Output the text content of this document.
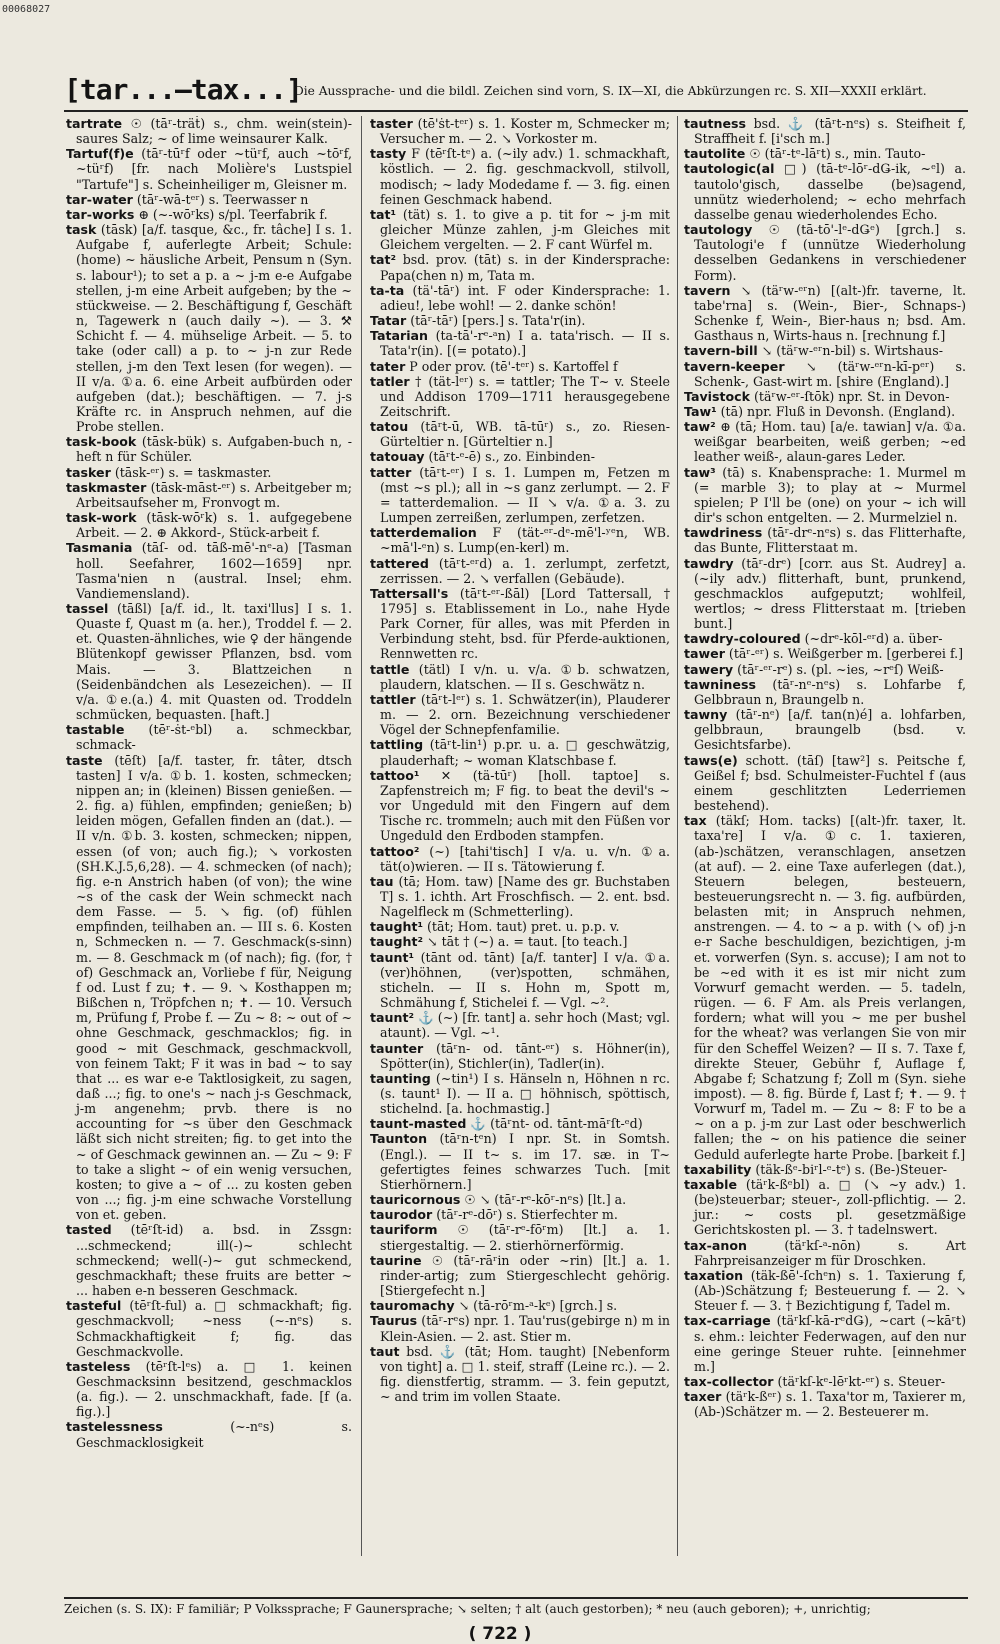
00068027
[tar...—tax...]
Die Aussprache- und die bildl. Zeichen sind vorn, S. IX—XI, die Abkürzungen rc. S. XII—XXXII erklärt.

tartrate ☉ (tāʳ-träṫ) s., chm. wein(stein)-saures Salz; ~ of lime weinsaurer Kalk.

Tartuf(f)e (tāʳ-tūʳf oder ~tüʳf, auch ~tōʳf, ~tüʳf) [fr. nach Molière's Lustspiel "Tartufe"] s. Scheinheiliger m, Gleisner m.

tar-water (tāʳ-wā-tᵉʳ) s. Teerwasser n

tar-works ⊕ (~-wōʳks) s/pl. Teerfabrik f.

task (tāsk) [a/f. tasque, &c., fr. tâche] I s. 1. Aufgabe f, auferlegte Arbeit; Schule: (home) ~ häusliche Arbeit, Pensum n (Syn. s. labour¹); to set a p. a ~ j-m e-e Aufgabe stellen, j-m eine Arbeit aufgeben; by the ~ stückweise. — 2. Beschäftigung f, Geschäft n, Tagewerk n (auch daily ~). — 3. ⚒ Schicht f. — 4. mühselige Arbeit. — 5. to take (oder call) a p. to ~ j-n zur Rede stellen, j-m den Text lesen (for wegen). — II v/a. ①a. 6. eine Arbeit aufbürden oder aufgeben (dat.); beschäftigen. — 7. j-s Kräfte rc. in Anspruch nehmen, auf die Probe stellen.

task-book (tāsk-bük) s. Aufgaben-buch n, -heft n für Schüler.

tasker (tāsk-ᵉʳ) s. = taskmaster.

taskmaster (tāsk-māst-ᵉʳ) s. Arbeitgeber m; Arbeitsaufseher m, Fronvogt m.

task-work (tāsk-wōʳk) s. 1. aufgegebene Arbeit. — 2. ⊕ Akkord-, Stück-arbeit f.

Tasmania (tāſ- od. tāß-mē'-nᵉ-a) [Tasman holl. Seefahrer, 1602—1659] npr. Tasma'nien n (austral. Insel; ehm. Vandiemensland).

tassel (tāßl) [a/f. id., lt. taxi'llus] I s. 1. Quaste f, Quast m (a. her.), Troddel f. — 2. et. Quasten-ähnliches, wie ♀ der hängende Blütenkopf gewisser Pflanzen, bsd. vom Mais. — 3. Blattzeichen n (Seidenbändchen als Lesezeichen). — II v/a. ①e.(a.) 4. mit Quasten od. Troddeln schmücken, bequasten. [haft.]

tastable (tēʳ-ṡt-ᵉbl) a. schmeckbar, schmack-

taste (tēſt) [a/f. taster, fr. tâter, dtsch tasten] I v/a. ①b. 1. kosten, schmecken; nippen an; in (kleinen) Bissen genießen. — 2. fig. a) fühlen, empfinden; genießen; b) leiden mögen, Gefallen finden an (dat.). — II v/n. ①b. 3. kosten, schmecken; nippen, essen (of von; auch fig.); ↘ vorkosten (SH.K.J.5,6,28). — 4. schmecken (of nach); fig. e-n Anstrich haben (of von); the wine ~s of the cask der Wein schmeckt nach dem Fasse. — 5. ↘ fig. (of) fühlen empfinden, teilhaben an. — III s. 6. Kosten n, Schmecken n. — 7. Geschmack(s-sinn) m. — 8. Geschmack m (of nach); fig. (for, † of) Geschmack an, Vorliebe f für, Neigung f od. Lust f zu; ✝. — 9. ↘ Kosthappen m; Bißchen n, Tröpfchen n; ✝. — 10. Versuch m, Prüfung f, Probe f. — Zu ~ 8: ~ out of ~ ohne Geschmack, geschmacklos; fig. in good ~ mit Geschmack, geschmackvoll, von feinem Takt; F it was in bad ~ to say that ... es war e-e Taktlosigkeit, zu sagen, daß ...; fig. to one's ~ nach j-s Geschmack, j-m angenehm; prvb. there is no accounting for ~s über den Geschmack läßt sich nicht streiten; fig. to get into the ~ of Geschmack gewinnen an. — Zu ~ 9: F to take a slight ~ of ein wenig versuchen, kosten; to give a ~ of ... zu kosten geben von ...; fig. j-m eine schwache Vorstellung von et. geben.

tasted (tēʳſt-id) a. bsd. in Zssgn: ...schmeckend; ill(-)~ schlecht schmeckend; well(-)~ gut schmeckend, geschmackhaft; these fruits are better ~ ... haben e-n besseren Geschmack.

tasteful (tēʳſt-ful) a. □ schmackhaft; fig. geschmackvoll; ~ness (~-nᵉs) s. Schmackhaftigkeit f; fig. das Geschmackvolle.

tasteless (tēʳſt-lᵉs) a. □ 1. keinen Geschmacksinn besitzend, geschmacklos (a. fig.). — 2. unschmackhaft, fade. [f (a. fig.).]

tastelessness (~-nᵉs) s. Geschmacklosigkeit

taster (tē'ṡt-tᵉʳ) s. 1. Koster m, Schmecker m; Versucher m. — 2. ↘ Vorkoster m.

tasty F (tēʳſt-tᵉ) a. (~ily adv.) 1. schmackhaft, köstlich. — 2. fig. geschmackvoll, stilvoll, modisch; ~ lady Modedame f. — 3. fig. einen feinen Geschmack habend.

tat¹ (tät) s. 1. to give a p. tit for ~ j-m mit gleicher Münze zahlen, j-m Gleiches mit Gleichem vergelten. — 2. F cant Würfel m.

tat² bsd. prov. (tāt) s. in der Kindersprache: Papa(chen n) m, Tata m.

ta-ta (tä'-tāʳ) int. F oder Kindersprache: 1. adieu!, lebe wohl! — 2. danke schön!

Tatar (tāʳ-tāʳ) [pers.] s. Tata'r(in).

Tatarian (ta-tā'-rᵉ-ᵃn) I a. tata'risch. — II s. Tata'r(in). [(= potato).]

tater P oder prov. (tē'-tᵉʳ) s. Kartoffel f

tatler † (tät-lᵉʳ) s. = tattler; The T~ v. Steele und Addison 1709—1711 herausgegebene Zeitschrift.

tatou (tāʳt-ū, WB. tā-tūʳ) s., zo. Riesen-Gürteltier n. [Gürteltier n.]

tatouay (tāʳt-ᵉ-ē) s., zo. Einbinden-

tatter (tāʳt-ᵉʳ) I s. 1. Lumpen m, Fetzen m (mst ~s pl.); all in ~s ganz zerlumpt. — 2. F = tatterdemalion. — II ↘ v/a. ①a. 3. zu Lumpen zerreißen, zerlumpen, zerfetzen.

tatterdemalion F (tät-ᵉʳ-dᵉ-mē'l-ʸᵉn, WB. ~mā'l-ᵉn) s. Lump(en-kerl) m.

tattered (tāʳt-ᵉʳd) a. 1. zerlumpt, zerfetzt, zerrissen. — 2. ↘ verfallen (Gebäude).

Tattersall's (tāʳt-ᵉʳ-ßāl) [Lord Tattersall, † 1795] s. Etablissement in Lo., nahe Hyde Park Corner, für alles, was mit Pferden in Verbindung steht, bsd. für Pferde-auktionen, Rennwetten rc.

tattle (tätl) I v/n. u. v/a. ①b. schwatzen, plaudern, klatschen. — II s. Geschwätz n.

tattler (tāʳt-lᵉʳ) s. 1. Schwätzer(in), Plauderer m. — 2. orn. Bezeichnung verschiedener Vögel der Schnepfenfamilie.

tattling (tāʳt-lin¹) p.pr. u. a. □ geschwätzig, plauderhaft; ~ woman Klatschbase f.

tattoo¹ ✕ (tä-tūʳ) [holl. taptoe] s. Zapfenstreich m; F fig. to beat the devil's ~ vor Ungeduld mit den Fingern auf dem Tische rc. trommeln; auch mit den Füßen vor Ungeduld den Erdboden stampfen.

tattoo² (~) [tahi'tisch] I v/a. u. v/n. ①a. tät(o)wieren. — II s. Tätowierung f.

tau (tā; Hom. taw) [Name des gr. Buchstaben T] s. 1. ichth. Art Froschfisch. — 2. ent. bsd. Nagelfleck m (Schmetterling).

taught¹ (tāt; Hom. taut) pret. u. p.p. v.

taught² ↘ tāt † (~) a. = taut. [to teach.]

taunt¹ (tānt od. tānt) [a/f. tanter] I v/a. ①a. (ver)höhnen, (ver)spotten, schmähen, sticheln. — II s. Hohn m, Spott m, Schmähung f, Stichelei f. — Vgl. ~².

taunt² ⚓ (~) [fr. tant] a. sehr hoch (Mast; vgl. ataunt). — Vgl. ~¹.

taunter (tāʳn- od. tānt-ᵉʳ) s. Höhner(in), Spötter(in), Stichler(in), Tadler(in).

taunting (~tin¹) I s. Hänseln n, Höhnen n rc. (s. taunt¹ I). — II a. □ höhnisch, spöttisch, stichelnd. [a. hochmastig.]

taunt-masted ⚓ (tāʳnt- od. tānt-māʳſt-ᵉd)

Taunton (tāʳn-tᵉn) I npr. St. in Somtsh. (Engl.). — II t~ s. im 17. sæ. in T~ gefertigtes feines schwarzes Tuch. [mit Stierhörnern.]

tauricornous ☉ ↘ (tāʳ-rᵉ-kōʳ-nᵉs) [lt.] a.

taurodor (tāʳ-rᵉ-dōʳ) s. Stierfechter m.

tauriform ☉ (tāʳ-rᵉ-fōʳm) [lt.] a. 1. stiergestaltig. — 2. stierhörnerförmig.

taurine ☉ (tāʳ-rāʳin oder ~rin) [lt.] a. 1. rinder-artig; zum Stiergeschlecht gehörig. [Stiergefecht n.]

tauromachy ↘ (tā-rōʳm-ᵃ-kᵉ) [grch.] s.

Taurus (tāʳ-rᵉs) npr. 1. Tau'rus(gebirge n) m in Klein-Asien. — 2. ast. Stier m.

taut bsd. ⚓ (tāt; Hom. taught) [Nebenform von tight] a. □ 1. steif, straff (Leine rc.). — 2. fig. dienstfertig, stramm. — 3. fein geputzt, ~ and trim im vollen Staate.

tautness bsd. ⚓ (tāʳt-nᵉs) s. Steifheit f, Straffheit f. [i'sch m.]

tautolite ☉ (tāʳ-tᵉ-lāʳt) s., min. Tauto-

tautologic(al □) (tā-tᵉ-lōʳ-dǤ-ik, ~ᵉl) a. tautolo'gisch, dasselbe (be)sagend, unnütz wiederholend; ~ echo mehrfach dasselbe genau wiederholendes Echo.

tautology ☉ (tā-tō'-lᵉ-dǤᵉ) [grch.] s. Tautologi'e f (unnütze Wiederholung desselben Gedankens in verschiedener Form).

tavern ↘ (täʳw-ᵉʳn) [(alt-)fr. taverne, lt. tabe'rna] s. (Wein-, Bier-, Schnaps-) Schenke f, Wein-, Bier-haus n; bsd. Am. Gasthaus n, Wirts-haus n. [rechnung f.]

tavern-bill ↘ (täʳw-ᵉʳn-bil) s. Wirtshaus-

tavern-keeper ↘ (täʳw-ᵉʳn-kī-pᵉʳ) s. Schenk-, Gast-wirt m. [shire (England).]

Tavistock (täʳw-ᵉʳ-ſtōk) npr. St. in Devon-

Taw¹ (tā) npr. Fluß in Devonsh. (England).

taw² ⊕ (tā; Hom. tau) [a/e. tawian] v/a. ①a. weißgar bearbeiten, weiß gerben; ~ed leather weiß-, alaun-gares Leder.

taw³ (tā) s. Knabensprache: 1. Murmel m (= marble 3); to play at ~ Murmel spielen; P I'll be (one) on your ~ ich will dir's schon entgelten. — 2. Murmelziel n.

tawdriness (tāʳ-drᵉ-nᵉs) s. das Flitterhafte, das Bunte, Flitterstaat m.

tawdry (tāʳ-drᵉ) [corr. aus St. Audrey] a. (~ily adv.) flitterhaft, bunt, prunkend, geschmacklos aufgeputzt; wohlfeil, wertlos; ~ dress Flitterstaat m. [trieben bunt.]

tawdry-coloured (~drᵉ-kōl-ᵉʳd) a. über-

tawer (tāʳ-ᵉʳ) s. Weißgerber m. [gerberei f.]

tawery (tāʳ-ᵉʳ-rᵉ) s. (pl. ~ies, ~rᵉſ) Weiß-

tawniness (tāʳ-nᵉ-nᵉs) s. Lohfarbe f, Gelbbraun n, Braungelb n.

tawny (tāʳ-nᵉ) [a/f. tan(n)é] a. lohfarben, gelbbraun, braungelb (bsd. v. Gesichtsfarbe).

taws(e) schott. (tāſ) [taw²] s. Peitsche f, Geißel f; bsd. Schulmeister-Fuchtel f (aus einem geschlitzten Lederriemen bestehend).

tax (täkſ; Hom. tacks) [(alt-)fr. taxer, lt. taxa're] I v/a. ①c. 1. taxieren, (ab-)schätzen, veranschlagen, ansetzen (at auf). — 2. eine Taxe auferlegen (dat.), Steuern belegen, besteuern, besteuerungsrecht n. — 3. fig. aufbürden, belasten mit; in Anspruch nehmen, anstrengen. — 4. to ~ a p. with (↘ of) j-n e-r Sache beschuldigen, bezichtigen, j-m et. vorwerfen (Syn. s. accuse); I am not to be ~ed with it es ist mir nicht zum Vorwurf gemacht werden. — 5. tadeln, rügen. — 6. F Am. als Preis verlangen, fordern; what will you ~ me per bushel for the wheat? was verlangen Sie von mir für den Scheffel Weizen? — II s. 7. Taxe f, direkte Steuer, Gebühr f, Auflage f, Abgabe f; Schatzung f; Zoll m (Syn. siehe impost). — 8. fig. Bürde f, Last f; ✝. — 9. † Vorwurf m, Tadel m. — Zu ~ 8: F to be a ~ on a p. j-m zur Last oder beschwerlich fallen; the ~ on his patience die seiner Geduld auferlegte harte Probe. [barkeit f.]

taxability (täk-ßᵉ-biʳl-ᵉ-tᵉ) s. (Be-)Steuer-

taxable (täʳk-ßᵉbl) a. □ (↘ ~y adv.) 1. (be)steuerbar; steuer-, zoll-pflichtig. — 2. jur.: ~ costs pl. gesetzmäßige Gerichtskosten pl. — 3. † tadelnswert.

tax-anon (täʳkſ-ᵃ-nōn) s. Art Fahrpreisanzeiger m für Droschken.

taxation (täk-ßē'-ſchᵉn) s. 1. Taxierung f, (Ab-)Schätzung f; Besteuerung f. — 2. ↘ Steuer f. — 3. † Bezichtigung f, Tadel m.

tax-carriage (täʳkſ-kā-rᵉdǤ), ~cart (~kāʳt) s. ehm.: leichter Federwagen, auf den nur eine geringe Steuer ruhte. [einnehmer m.]

tax-collector (täʳkſ-kᵉ-lēʳkt-ᵉʳ) s. Steuer-

taxer (täʳk-ßᵉʳ) s. 1. Taxa'tor m, Taxierer m, (Ab-)Schätzer m. — 2. Besteuerer m.

Zeichen (s. S. IX): F familiär; P Volkssprache; F Gaunersprache; ↘ selten; † alt (auch gestorben); * neu (auch geboren); +, unrichtig;
( 722 )
